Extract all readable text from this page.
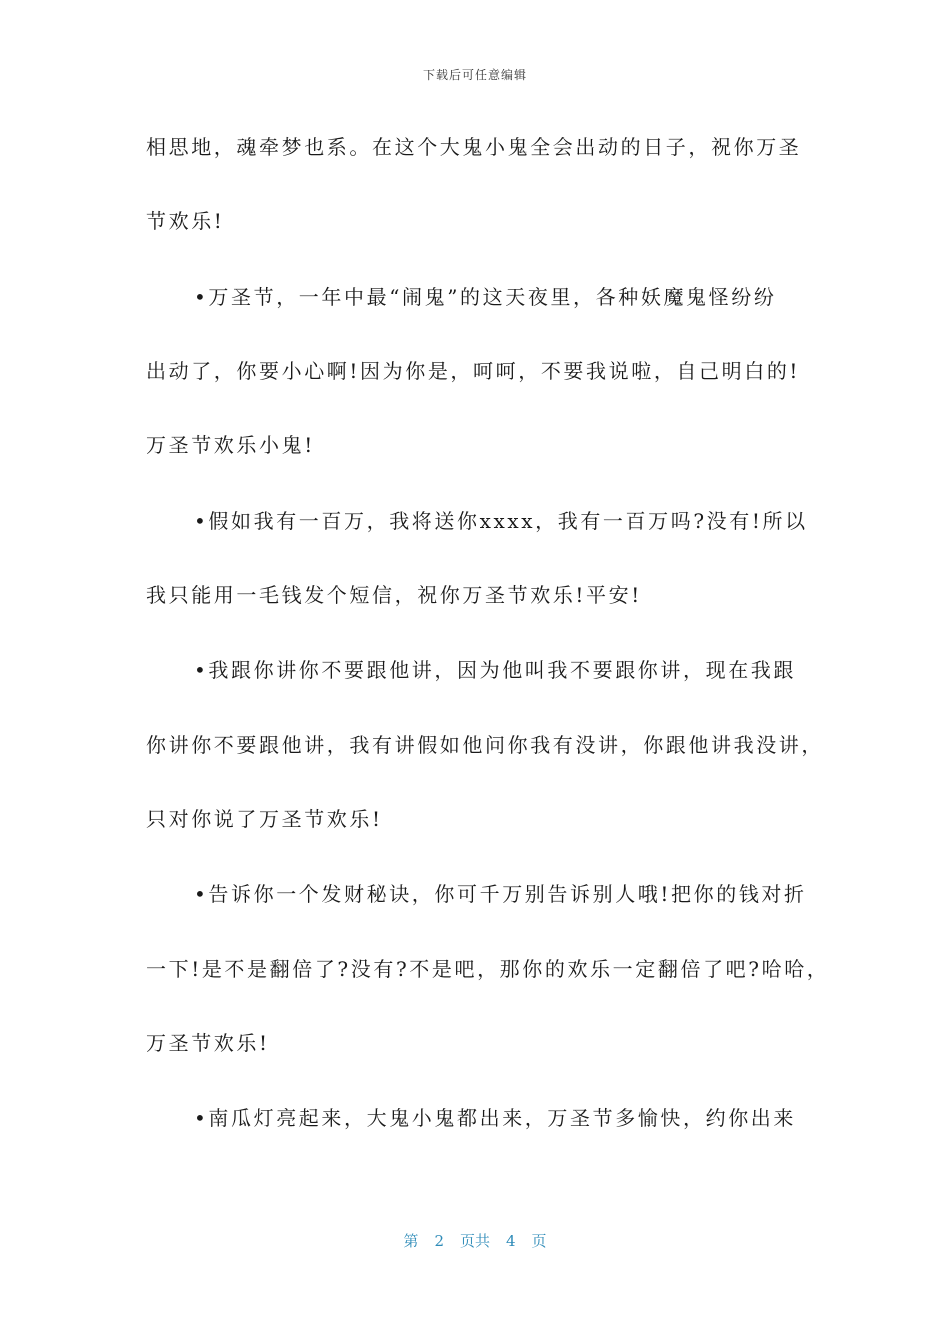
下载后可任意编辑
相思地，魂牵梦也系。在这个大鬼小鬼全会出动的日子，祝你万圣
节欢乐!
•万圣节，一年中最“闹鬼”的这天夜里，各种妖魔鬼怪纷纷
出动了，你要小心啊!因为你是，呵呵，不要我说啦，自己明白的!
万圣节欢乐小鬼!
•假如我有一百万，我将送你xxxx，我有一百万吗?没有!所以
我只能用一毛钱发个短信，祝你万圣节欢乐!平安!
•我跟你讲你不要跟他讲，因为他叫我不要跟你讲，现在我跟
你讲你不要跟他讲，我有讲假如他问你我有没讲，你跟他讲我没讲，
只对你说了万圣节欢乐!
•告诉你一个发财秘诀，你可千万别告诉别人哦!把你的钱对折
一下!是不是翻倍了?没有?不是吧，那你的欢乐一定翻倍了吧?哈哈，
万圣节欢乐!
•南瓜灯亮起来，大鬼小鬼都出来，万圣节多愉快，约你出来
第 2 页共 4 页
